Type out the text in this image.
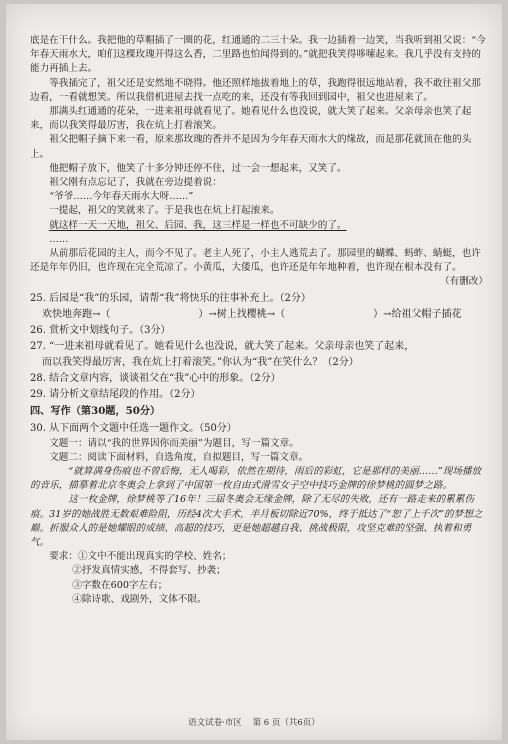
底是在干什么。我把他的草帽插了一圈的花，红通通的二三十朵。我一边插着一边笑，当我听到祖父说：“今年春天雨水大，咱们这棵玫瑰开得这么香，二里路也怕闻得到的。”就把我笑得哆嗦起来。我几乎没有支持的能力再插上去。

等我插完了，祖父还是安然地不晓得。他还照样地拔着地上的草，我跑得很远地站着，我不敢往祖父那边看，一看就想笑。所以我借机进屋去找一点吃的来，还没有等我回到园中，祖父也进屋来了。

那满头红通通的花朵，一进来祖母就看见了。她看见什么也没说，就大笑了起来。父亲母亲也笑了起来，而以我笑得最厉害，我在炕上打着滚笑。

祖父把帽子摘下来一看，原来那玫瑰的香并不是因为今年春天雨水大的缘故，而是那花就顶在他的头上。

他把帽子放下，他笑了十多分钟还停不住，过一会一想起来，又笑了。

祖父刚有点忘记了，我就在旁边提着说：

“爷爷……今年春天雨水大呀……”

一提起，祖父的笑就来了。于是我也在炕上打起滚来。

就这样一天一天地，祖父、后园、我，这三样是一样也不可缺少的了。

……

从前那后花园的主人，而今不见了。老主人死了，小主人逃荒去了。那园里的蝴蝶、蚂蚱、蜻蜓，也许还是年年仍旧，也许现在完全荒凉了。小黄瓜，大倭瓜，也许还是年年地种着，也许现在根本没有了。

（有删改）

25. 后园是“我”的乐园，请帮“我”将快乐的往事补充上。（2分）

欢快地奔跑→（	）→树上找樱桃→（	）→给祖父帽子插花

26. 赏析文中划线句子。（3分）

27. “一进来祖母就看见了。她看见什么也没说，就大笑了起来。父亲母亲也笑了起来，

而以我笑得最厉害，我在炕上打着滚笑。”你认为“我”在笑什么？（2分）

28. 结合文章内容，谈谈祖父在“我”心中的形象。（2分）

29. 请分析文章结尾段的作用。（2分）

四、写作（第30题，50分）

30. 从下面两个文题中任选一题作文。（50分）

文题一：请以“我的世界因你而美丽”为题目，写一篇文章。

文题二：阅读下面材料，自选角度，自拟题目，写一篇文章。

“就算满身伤痕也不曾后悔，无人喝彩，依然在期待，雨后的彩虹，它是那样的美丽……”现场播放的音乐，描摹着北京冬奥会上拿到了中国第一枚自由式滑雪女子空中技巧金牌的徐梦桃的圆梦之路。

这一枚金牌，徐梦桃等了16年！三届冬奥会无缘金牌，除了无尽的失败，还有一路走来的累累伤痕。31岁的她战胜无数艰难险阻，历经4次大手术，半月板切除近70%，终于抵达了“恕了上千次”的梦想之巅。折服众人的是她耀眼的成绩、高超的技巧，更是她超越自我、挑战极限，攻坚克难的坚强、执着和勇气。

要求：①文中不能出现真实的学校、姓名；

②抒发真情实感，不得套写、抄袭；

③字数在600字左右；

④除诗歌、戏剧外，文体不限。

语文试卷·市区 第 6 页（共6页）
